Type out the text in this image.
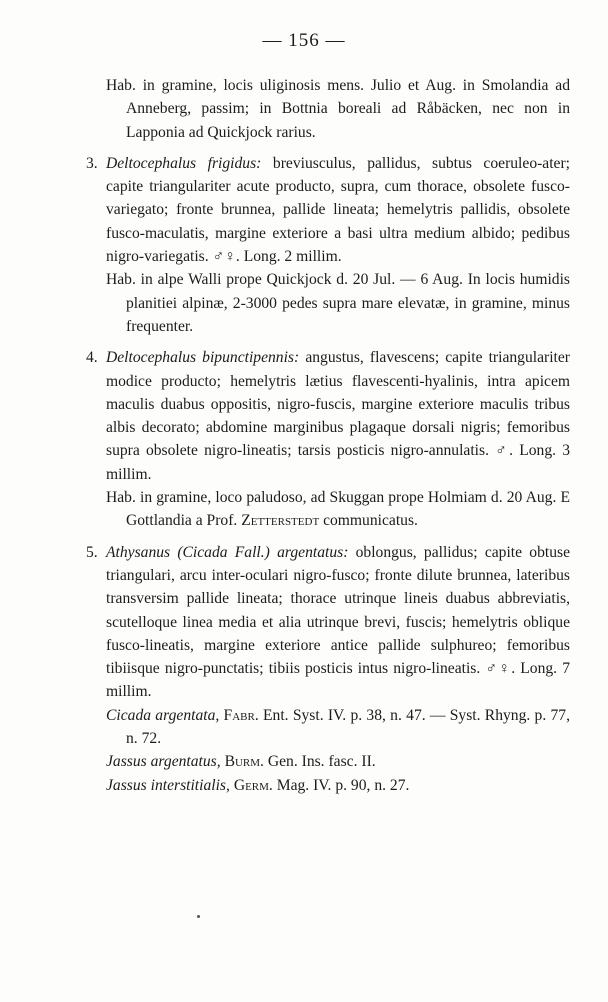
— 156 —

Hab. in gramine, locis uliginosis mens. Julio et Aug. in Smolandia ad Anneberg, passim; in Bottnia boreali ad Råbäcken, nec non in Lapponia ad Quickjock rarius.

3. Deltocephalus frigidus: breviusculus, pallidus, subtus coeruleo-ater; capite triangulariter acute producto, supra, cum thorace, obsolete fusco-variegato; fronte brunnea, pallide lineata; hemelytris pallidis, obsolete fusco-maculatis, margine exteriore a basi ultra medium albido; pedibus nigro-variegatis. ♂♀. Long. 2 millim.

Hab. in alpe Walli prope Quickjock d. 20 Jul. — 6 Aug. In locis humidis planitiei alpinæ, 2-3000 pedes supra mare elevatæ, in gramine, minus frequenter.

4. Deltocephalus bipunctipennis: angustus, flavescens; capite triangulariter modice producto; hemelytris lætius flavescenti-hyalinis, intra apicem maculis duabus oppositis, nigro-fuscis, margine exteriore maculis tribus albis decorato; abdomine marginibus plagaque dorsali nigris; femoribus supra obsolete nigro-lineatis; tarsis posticis nigro-annulatis. ♂. Long. 3 millim.

Hab. in gramine, loco paludoso, ad Skuggan prope Holmiam d. 20 Aug. E Gottlandia a Prof. Zetterstedt communicatus.

5. Athysanus (Cicada Fall.) argentatus: oblongus, pallidus; capite obtuse triangulari, arcu inter-oculari nigro-fusco; fronte dilute brunnea, lateribus transversim pallide lineata; thorace utrinque lineis duabus abbreviatis, scutelloque linea media et alia utrinque brevi, fuscis; hemelytris oblique fusco-lineatis, margine exteriore antice pallide sulphureo; femoribus tibiisque nigro-punctatis; tibiis posticis intus nigro-lineatis. ♂♀. Long. 7 millim.

Cicada argentata, Fabr. Ent. Syst. IV. p. 38, n. 47. — Syst. Rhyng. p. 77, n. 72.

Jassus argentatus, Burm. Gen. Ins. fasc. II.

Jassus interstitialis, Germ. Mag. IV. p. 90, n. 27.
